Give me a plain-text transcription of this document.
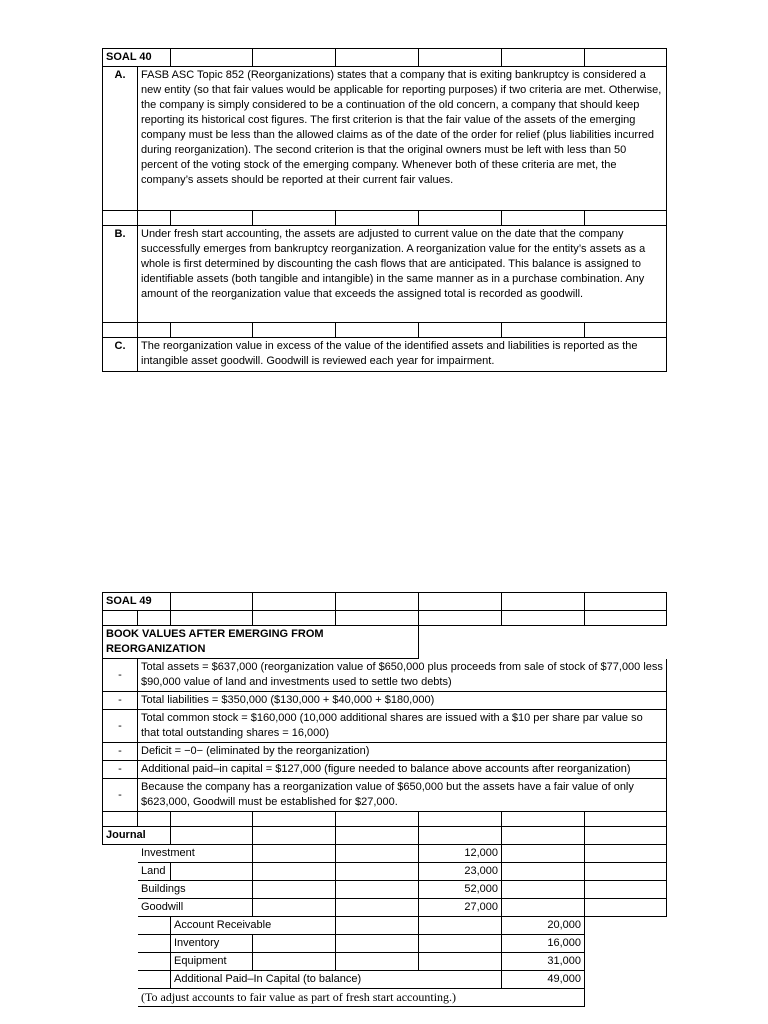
SOAL 40							
A.	FASB ASC Topic 852 (Reorganizations) states that a company that is exiting bankruptcy is considered a new entity (so that fair values would be applicable for reporting purposes) if two criteria are met. Otherwise, the company is simply considered to be a continuation of the old concern, a company that should keep reporting its historical cost figures. The first criterion is that the fair value of the assets of the emerging company must be less than the allowed claims as of the date of the order for relief (plus liabilities incurred during reorganization). The second criterion is that the original owners must be left with less than 50 percent of the voting stock of the emerging company. Whenever both of these criteria are met, the company’s assets should be reported at their current fair values.						

B.	Under fresh start accounting, the assets are adjusted to current value on the date that the company successfully emerges from bankruptcy reorganization. A reorganization value for the entity’s assets as a whole is first determined by discounting the cash flows that are anticipated. This balance is assigned to identifiable assets (both tangible and intangible) in the same manner as in a purchase combination. Any amount of the reorganization value that exceeds the assigned total is recorded as goodwill.						

C.	The reorganization value in excess of the value of the identified assets and liabilities is reported as the intangible asset goodwill. Goodwill is reviewed each year for impairment.						
SOAL 49							

BOOK VALUES AFTER EMERGING FROM REORGANIZATION							
-	Total assets = $637,000 (reorganization value of $650,000 plus proceeds from sale of stock of $77,000 less $90,000 value of land and investments used to settle two debts)						
-	Total liabilities = $350,000 ($130,000 + $40,000 + $180,000)						
-	Total common stock = $160,000 (10,000 additional shares are issued with a $10 per share par value so that total outstanding shares = 16,000)						
-	Deficit = −0− (eliminated by the reorganization)						
-	Additional paid–in capital = $127,000 (figure needed to balance above accounts after reorganization)						
-	Because the company has a reorganization value of $650,000 but the assets have a fair value of only $623,000, Goodwill must be established for $27,000.						

Journal							
	Investment				12,000		
	Land				23,000		
	Buildings				52,000		
	Goodwill				27,000		
		Account Receivable				20,000	
		Inventory				16,000	
		Equipment				31,000	
		Additional Paid–In Capital (to balance)				49,000	
	(To adjust accounts to fair value as part of fresh start accounting.)						
